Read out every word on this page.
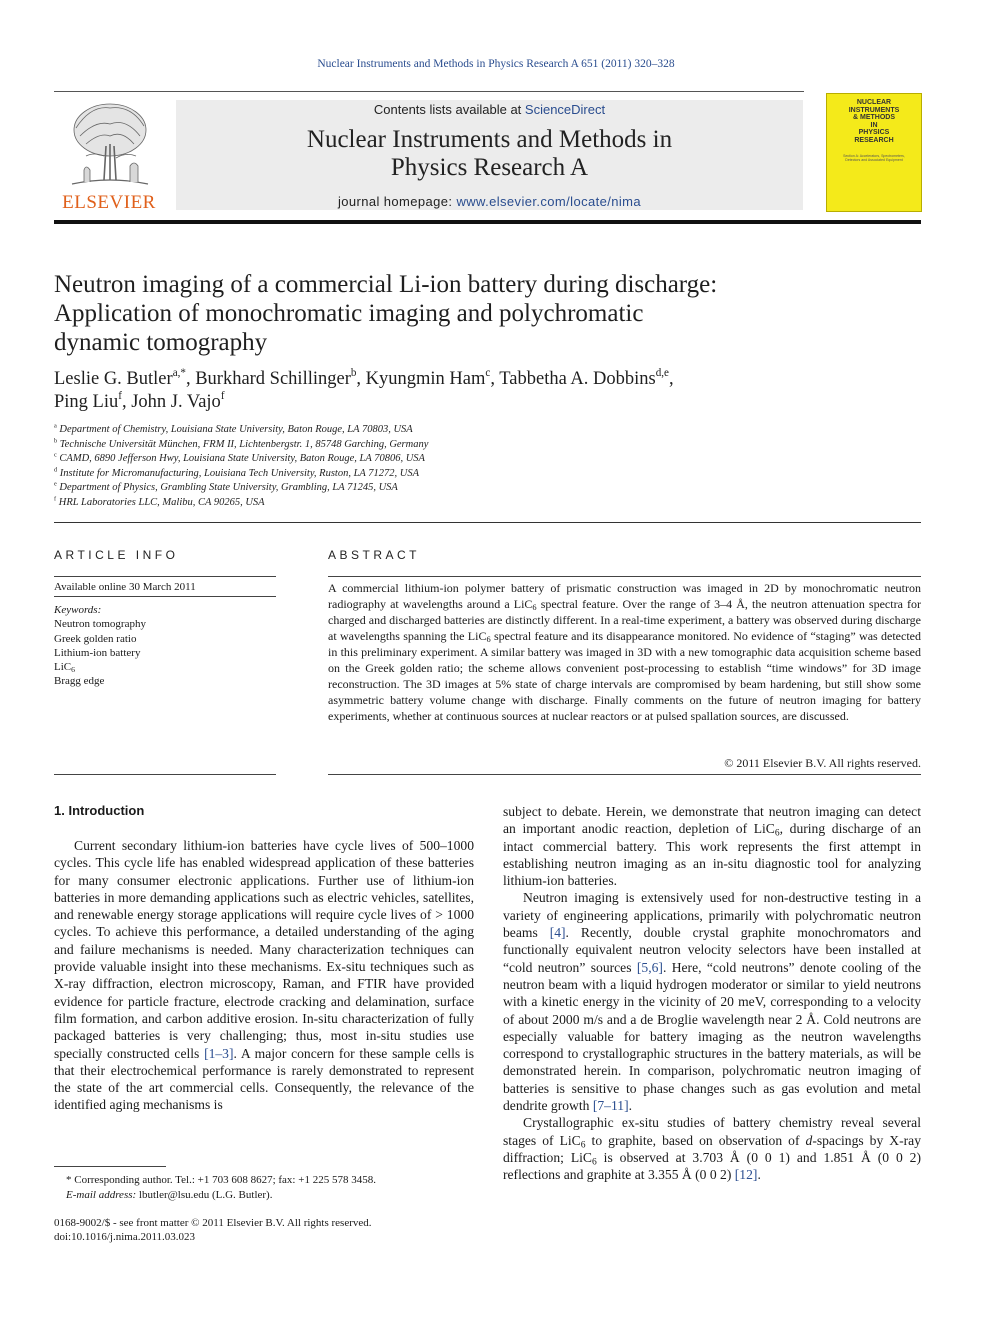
Nuclear Instruments and Methods in Physics Research A 651 (2011) 320–328
ELSEVIER
Contents lists available at ScienceDirect
Nuclear Instruments and Methods in
Physics Research A
journal homepage: www.elsevier.com/locate/nima
NUCLEAR
INSTRUMENTS
& METHODS
IN
PHYSICS
RESEARCH
Section A: Accelerators, Spectrometers, Detectors and Associated Equipment
Neutron imaging of a commercial Li-ion battery during discharge:
Application of monochromatic imaging and polychromatic
dynamic tomography
Leslie G. Butler$^{a,*}$, Burkhard Schillinger$^b$, Kyungmin Ham$^c$, Tabbetha A. Dobbins$^{d,e}$,
Ping Liu$^f$, John J. Vajo$^f$
$^a$ Department of Chemistry, Louisiana State University, Baton Rouge, LA 70803, USA
$^b$ Technische Universität München, FRM II, Lichtenbergstr. 1, 85748 Garching, Germany
$^c$ CAMD, 6890 Jefferson Hwy, Louisiana State University, Baton Rouge, LA 70806, USA
$^d$ Institute for Micromanufacturing, Louisiana Tech University, Ruston, LA 71272, USA
$^e$ Department of Physics, Grambling State University, Grambling, LA 71245, USA
$^f$ HRL Laboratories LLC, Malibu, CA 90265, USA
ARTICLE INFO	ABSTRACT
Available online 30 March 2011
Keywords:
Neutron tomography
Greek golden ratio
Lithium-ion battery
LiC$_6$
Bragg edge
A commercial lithium-ion polymer battery of prismatic construction was imaged in 2D by monochromatic neutron radiography at wavelengths around a LiC$_6$ spectral feature. Over the range of 3–4 Å, the neutron attenuation spectra for charged and discharged batteries are distinctly different. In a real-time experiment, a battery was observed during discharge at wavelengths spanning the LiC$_6$ spectral feature and its disappearance monitored. No evidence of “staging” was detected in this preliminary experiment. A similar battery was imaged in 3D with a new tomographic data acquisition scheme based on the Greek golden ratio; the scheme allows convenient post-processing to establish “time windows” for 3D image reconstruction. The 3D images at 5% state of charge intervals are compromised by beam hardening, but still show some asymmetric battery volume change with discharge. Finally comments on the future of neutron imaging for battery experiments, whether at continuous sources at nuclear reactors or at pulsed spallation sources, are discussed.
© 2011 Elsevier B.V. All rights reserved.
1. Introduction

Current secondary lithium-ion batteries have cycle lives of 500–1000 cycles. This cycle life has enabled widespread application of these batteries for many consumer electronic applications. Further use of lithium-ion batteries in more demanding applications such as electric vehicles, satellites, and renewable energy storage applications will require cycle lives of > 1000 cycles. To achieve this performance, a detailed understanding of the aging and failure mechanisms is needed. Many characterization techniques can provide valuable insight into these mechanisms. Ex-situ techniques such as X-ray diffraction, electron microscopy, Raman, and FTIR have provided evidence for particle fracture, electrode cracking and delamination, surface film formation, and carbon additive erosion. In-situ characterization of fully packaged batteries is very challenging; thus, most in-situ studies use specially constructed cells [1–3]. A major concern for these sample cells is that their electrochemical performance is rarely demonstrated to represent the state of the art commercial cells. Consequently, the relevance of the identified aging mechanisms is

subject to debate. Herein, we demonstrate that neutron imaging can detect an important anodic reaction, depletion of LiC$_6$, during discharge of an intact commercial battery. This work represents the first attempt in establishing neutron imaging as an in-situ diagnostic tool for analyzing lithium-ion batteries.

Neutron imaging is extensively used for non-destructive testing in a variety of engineering applications, primarily with polychromatic neutron beams [4]. Recently, double crystal graphite monochromators and functionally equivalent neutron velocity selectors have been installed at “cold neutron” sources [5,6]. Here, “cold neutrons” denote cooling of the neutron beam with a liquid hydrogen moderator or similar to yield neutrons with a kinetic energy in the vicinity of 20 meV, corresponding to a velocity of about 2000 m/s and a de Broglie wavelength near 2 Å. Cold neutrons are especially valuable for battery imaging as the neutron wavelengths correspond to crystallographic structures in the battery materials, as will be demonstrated herein. In comparison, polychromatic neutron imaging of batteries is sensitive to phase changes such as gas evolution and metal dendrite growth [7–11].

Crystallographic ex-situ studies of battery chemistry reveal several stages of LiC$_6$ to graphite, based on observation of d-spacings by X-ray diffraction; LiC$_6$ is observed at 3.703 Å (0 0 1) and 1.851 Å (0 0 2) reflections and graphite at 3.355 Å (0 0 2) [12].

* Corresponding author. Tel.: +1 703 608 8627; fax: +1 225 578 3458.

E-mail address: lbutler@lsu.edu (L.G. Butler).

0168-9002/$ - see front matter © 2011 Elsevier B.V. All rights reserved.
doi:10.1016/j.nima.2011.03.023
